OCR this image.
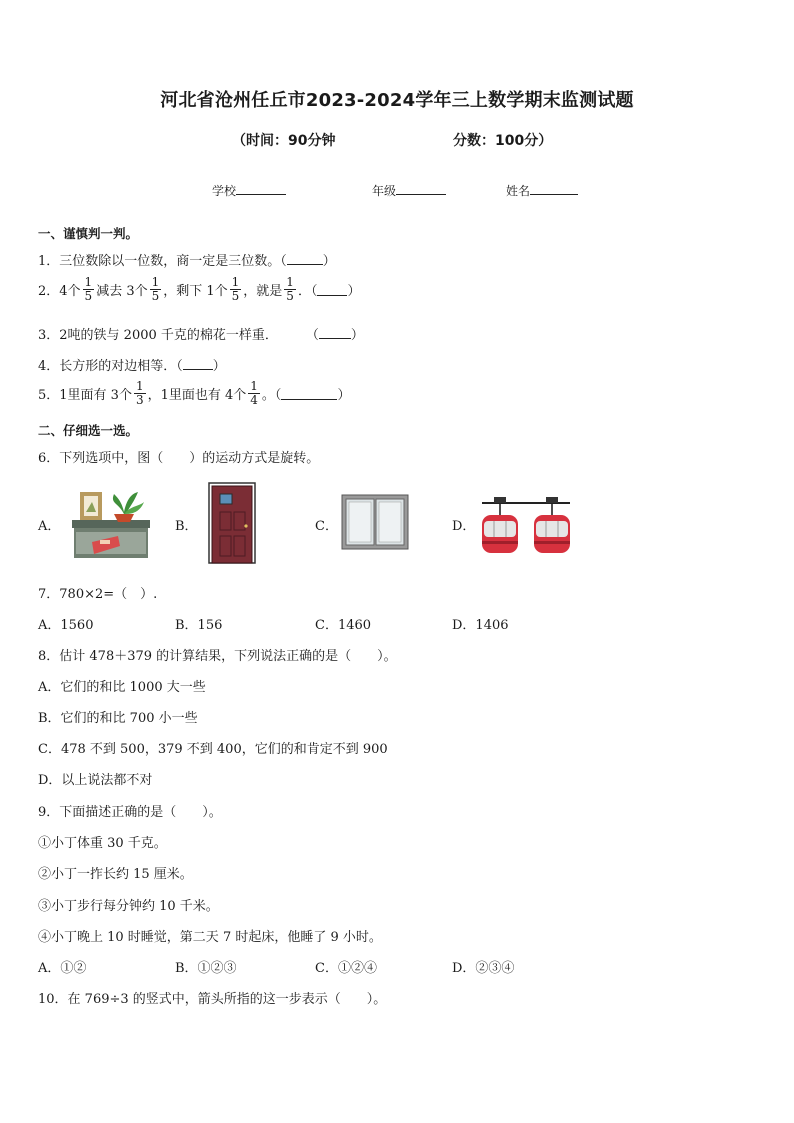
河北省沧州任丘市2023-2024学年三上数学期末监测试题
（时间：90分钟	分数：100分）
学校	年级	姓名
一、谨慎判一判。
1．三位数除以一位数，商一定是三位数。（	）
2．4个 $\frac{1}{5}$ 减去 3个 $\frac{1}{5}$ ，剩下 1个 $\frac{1}{5}$ ，就是 $\frac{1}{5}$ ．（ ）
3．2吨的铁与 2000 千克的棉花一样重． （ ）
4．长方形的对边相等．（ ）
5．1里面有 3个 $\frac{1}{3}$ ，1里面也有 4个 $\frac{1}{4}$ 。（	）
二、仔细选一选。
6．下列选项中，图（　　）的运动方式是旋转。
A．	B．	C．	D．
7．780×2=（　）.
A．1560	B．156	C．1460	D．1406
8．估计 478＋379 的计算结果，下列说法正确的是（　　）。
A．它们的和比 1000 大一些
B．它们的和比 700 小一些
C．478 不到 500，379 不到 400，它们的和肯定不到 900
D．以上说法都不对
9．下面描述正确的是（　　）。
①小丁体重 30 千克。
②小丁一拃长约 15 厘米。
③小丁步行每分钟约 10 千米。
④小丁晚上 10 时睡觉，第二天 7 时起床，他睡了 9 小时。
A．①②	B．①②③	C．①②④	D．②③④
10．在 769÷3 的竖式中，箭头所指的这一步表示（　　）。
